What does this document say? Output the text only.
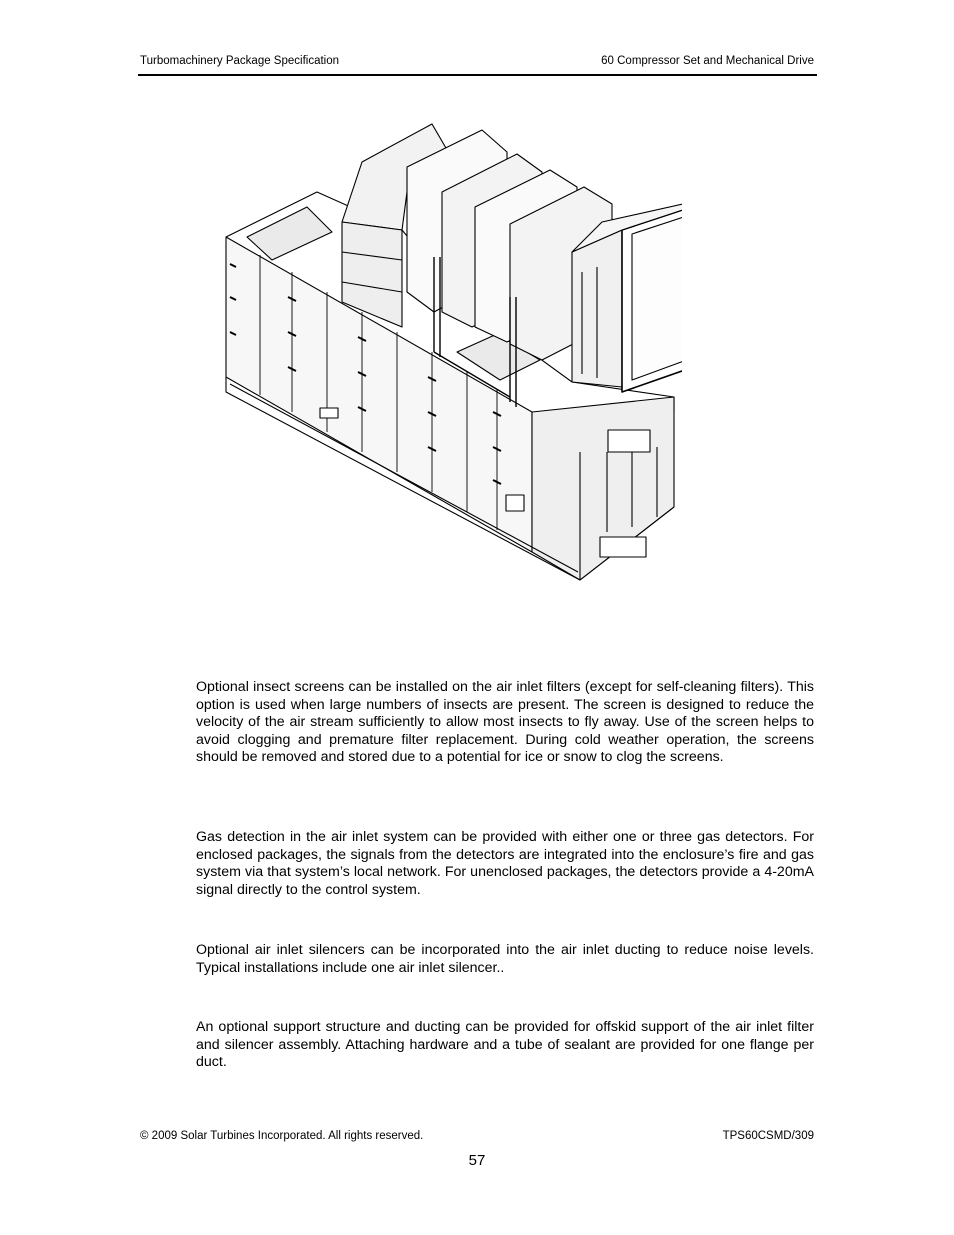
Turbomachinery Package Specification	60 Compressor Set and Mechanical Drive

Optional insect screens can be installed on the air inlet filters (except for self-cleaning filters). This option is used when large numbers of insects are present. The screen is designed to reduce the velocity of the air stream sufficiently to allow most insects to fly away. Use of the screen helps to avoid clogging and premature filter replacement. During cold weather operation, the screens should be removed and stored due to a potential for ice or snow to clog the screens.

Gas detection in the air inlet system can be provided with either one or three gas detectors. For enclosed packages, the signals from the detectors are integrated into the enclosure’s fire and gas system via that system’s local network. For unenclosed packages, the detectors provide a 4-20mA signal directly to the control system.

Optional air inlet silencers can be incorporated into the air inlet ducting to reduce noise levels. Typical installations include one air inlet silencer..

An optional support structure and ducting can be provided for offskid support of the air inlet filter and silencer assembly. Attaching hardware and a tube of sealant are provided for one flange per duct.

© 2009 Solar Turbines Incorporated. All rights reserved.	TPS60CSMD/309
57
